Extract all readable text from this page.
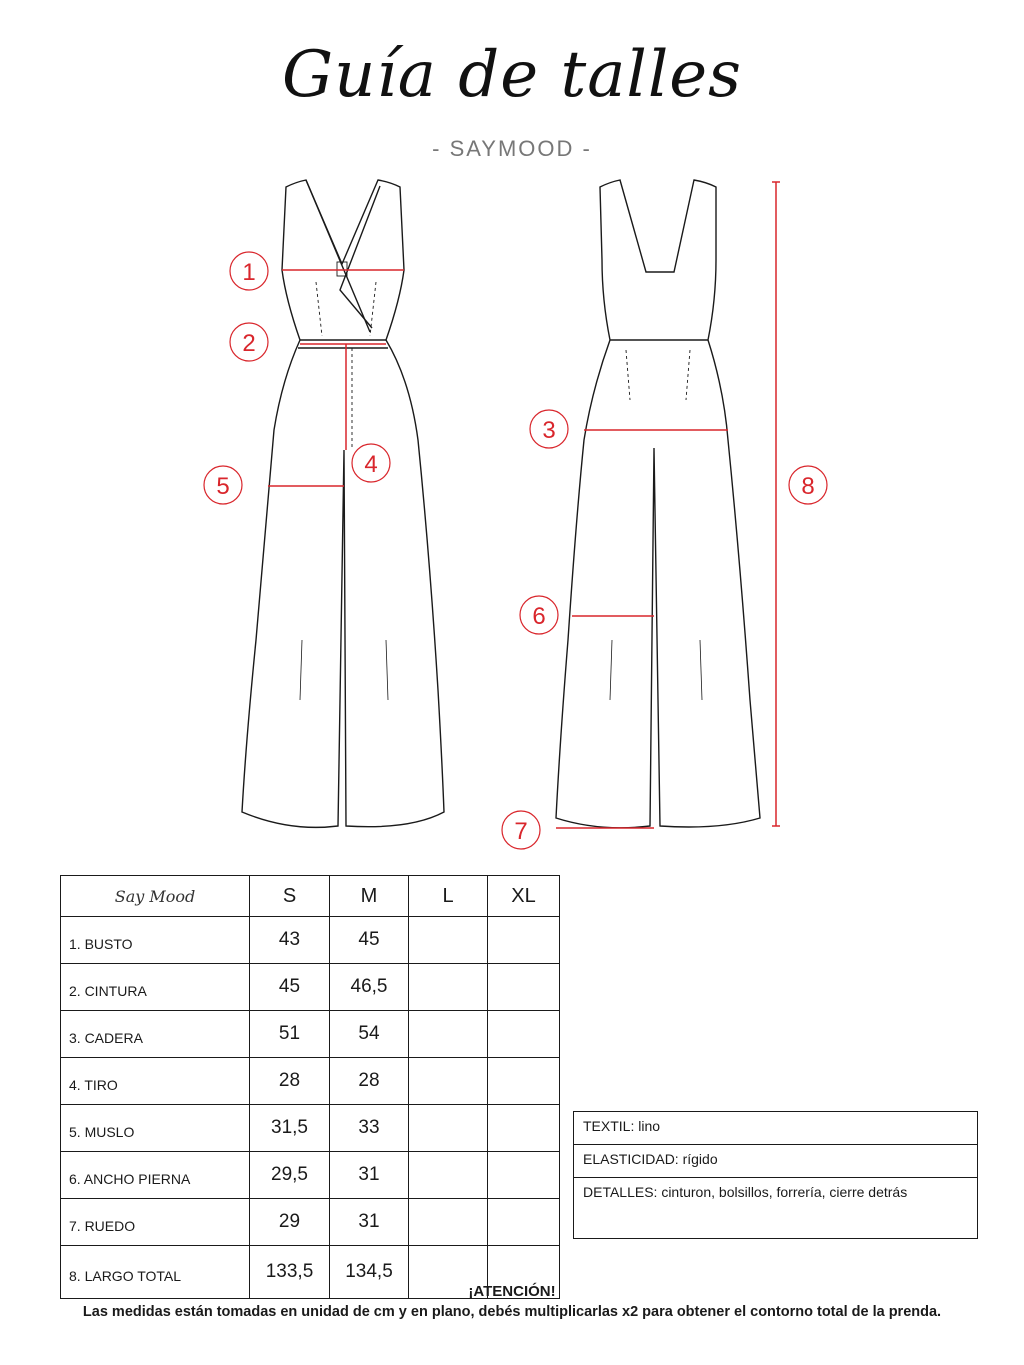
Guía de talles
- SAYMOOD -
1
2
3
4
5
6
7
8
Say Mood	S	M	L	XL
1. BUSTO	43	45		
2. CINTURA	45	46,5		
3. CADERA	51	54		
4. TIRO	28	28		
5. MUSLO	31,5	33		
6. ANCHO PIERNA	29,5	31		
7. RUEDO	29	31		
8. LARGO TOTAL	133,5	134,5		
TEXTIL: lino
ELASTICIDAD: rígido
DETALLES: cinturon, bolsillos, forrería, cierre detrás
¡ATENCIÓN!
Las medidas están tomadas en unidad de cm y en plano, debés multiplicarlas x2 para obtener el contorno total de la prenda.
